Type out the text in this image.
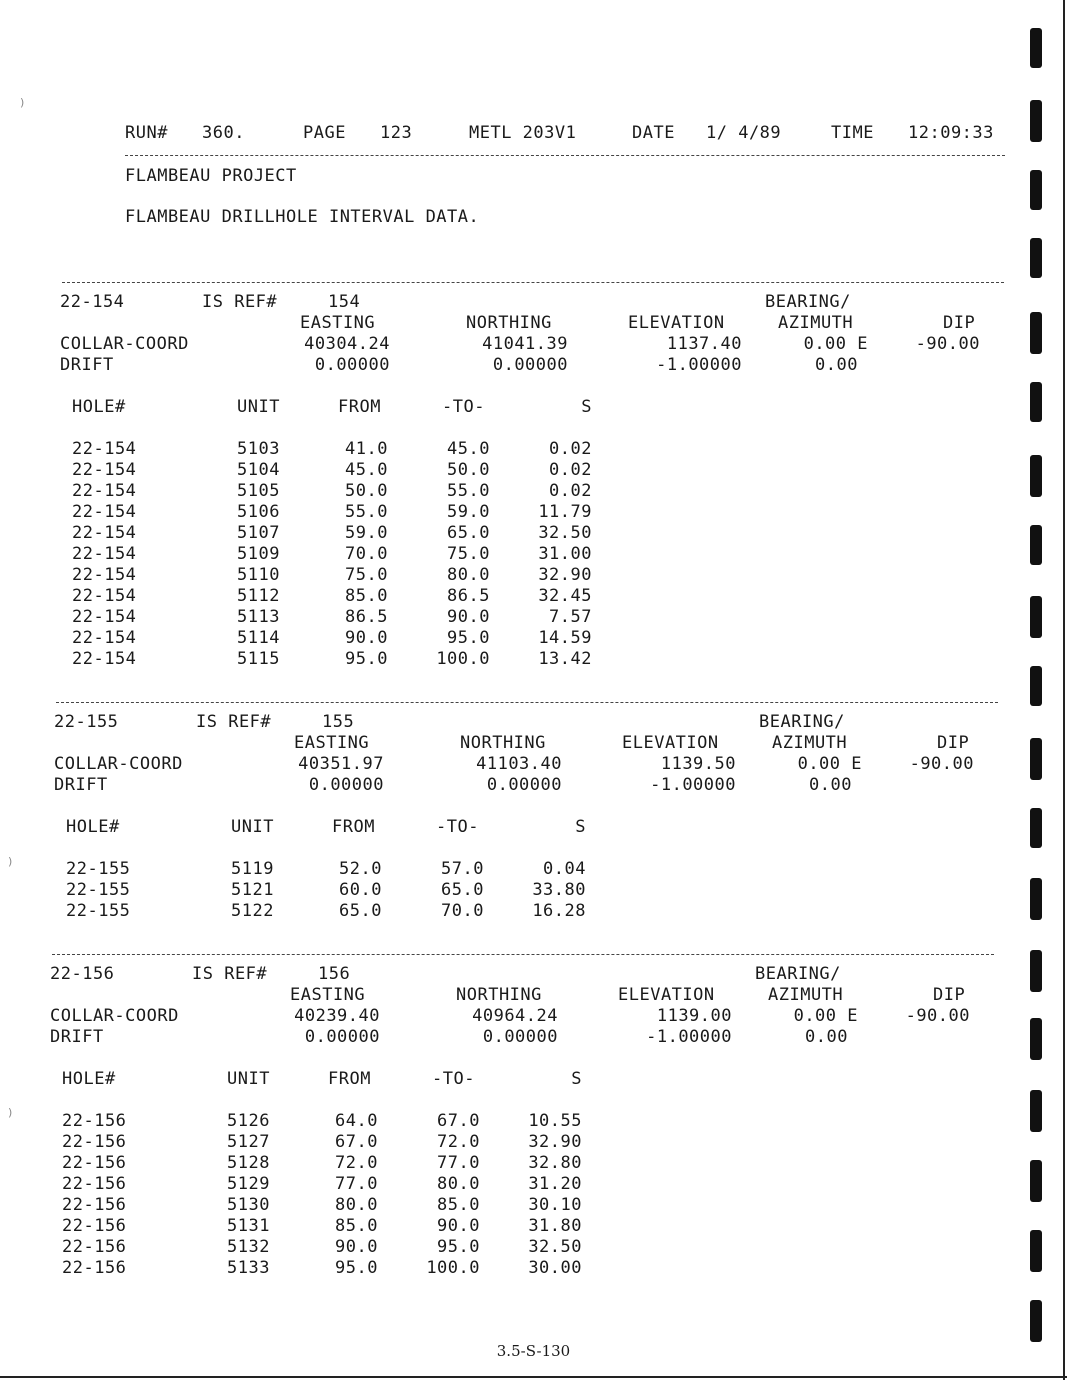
)
)
)
RUN# 360.	PAGE 123	METL 203V1	DATE 1/ 4/89	TIME 12:09:33
FLAMBEAU PROJECT
FLAMBEAU DRILLHOLE INTERVAL DATA.
22-154	IS REF#	154	BEARING/
EASTING	NORTHING	ELEVATION	AZIMUTH	DIP
COLLAR-COORD	40304.24	41041.39	1137.40	0.00 E	-90.00
DRIFT	0.00000	0.00000	-1.00000	0.00
HOLE#	UNIT	FROM	-TO-	S
22-154	5103	41.0	45.0	0.02
22-154	5104	45.0	50.0	0.02
22-154	5105	50.0	55.0	0.02
22-154	5106	55.0	59.0	11.79
22-154	5107	59.0	65.0	32.50
22-154	5109	70.0	75.0	31.00
22-154	5110	75.0	80.0	32.90
22-154	5112	85.0	86.5	32.45
22-154	5113	86.5	90.0	7.57
22-154	5114	90.0	95.0	14.59
22-154	5115	95.0	100.0	13.42
22-155	IS REF#	155	BEARING/
EASTING	NORTHING	ELEVATION	AZIMUTH	DIP
COLLAR-COORD	40351.97	41103.40	1139.50	0.00 E	-90.00
DRIFT	0.00000	0.00000	-1.00000	0.00
HOLE#	UNIT	FROM	-TO-	S
22-155	5119	52.0	57.0	0.04
22-155	5121	60.0	65.0	33.80
22-155	5122	65.0	70.0	16.28
22-156	IS REF#	156	BEARING/
EASTING	NORTHING	ELEVATION	AZIMUTH	DIP
COLLAR-COORD	40239.40	40964.24	1139.00	0.00 E	-90.00
DRIFT	0.00000	0.00000	-1.00000	0.00
HOLE#	UNIT	FROM	-TO-	S
22-156	5126	64.0	67.0	10.55
22-156	5127	67.0	72.0	32.90
22-156	5128	72.0	77.0	32.80
22-156	5129	77.0	80.0	31.20
22-156	5130	80.0	85.0	30.10
22-156	5131	85.0	90.0	31.80
22-156	5132	90.0	95.0	32.50
22-156	5133	95.0	100.0	30.00
3.5-S-130
